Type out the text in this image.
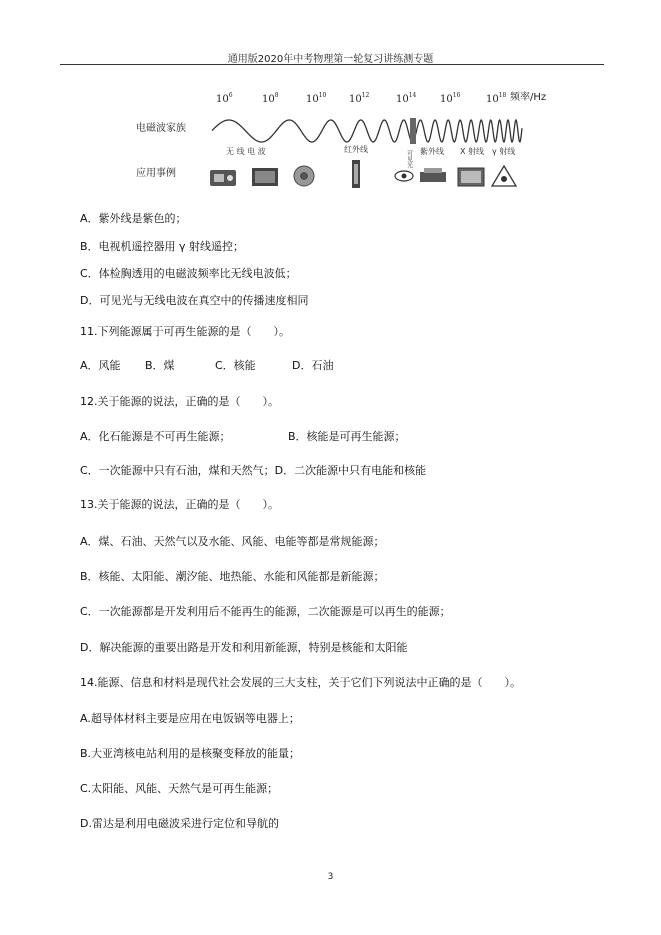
通用版2020年中考物理第一轮复习讲练测专题
$10^6$	$10^8$	$10^{10}$ $10^{12}$	$10^{14}$ $10^{16}$	$10^{18}$ 频率/Hz
电磁波家族
应用事例
无 线 电 波	红外线	紫外线 X 射线 γ 射线
可见光
A．紫外线是紫色的；
B．电视机遥控器用 γ 射线遥控；
C．体检胸透用的电磁波频率比无线电波低；
D．可见光与无线电波在真空中的传播速度相同
11.下列能源属于可再生能源的是（　　）。
A．风能 B．煤	C．核能	D．石油
12.关于能源的说法，正确的是（　　）。
A．化石能源是不可再生能源；	B．核能是可再生能源；
C．一次能源中只有石油，煤和天然气；D．二次能源中只有电能和核能
13.关于能源的说法，正确的是（　　）。
A．煤、石油、天然气以及水能、风能、电能等都是常规能源；
B．核能、太阳能、潮汐能、地热能、水能和风能都是新能源；
C．一次能源都是开发利用后不能再生的能源，二次能源是可以再生的能源；
D．解决能源的重要出路是开发和利用新能源，特别是核能和太阳能
14.能源、信息和材料是现代社会发展的三大支柱，关于它们下列说法中正确的是（　　）。
A.超导体材料主要是应用在电饭锅等电器上；
B.大亚湾核电站利用的是核聚变释放的能量；
C.太阳能、风能、天然气是可再生能源；
D.雷达是利用电磁波采进行定位和导航的
3
